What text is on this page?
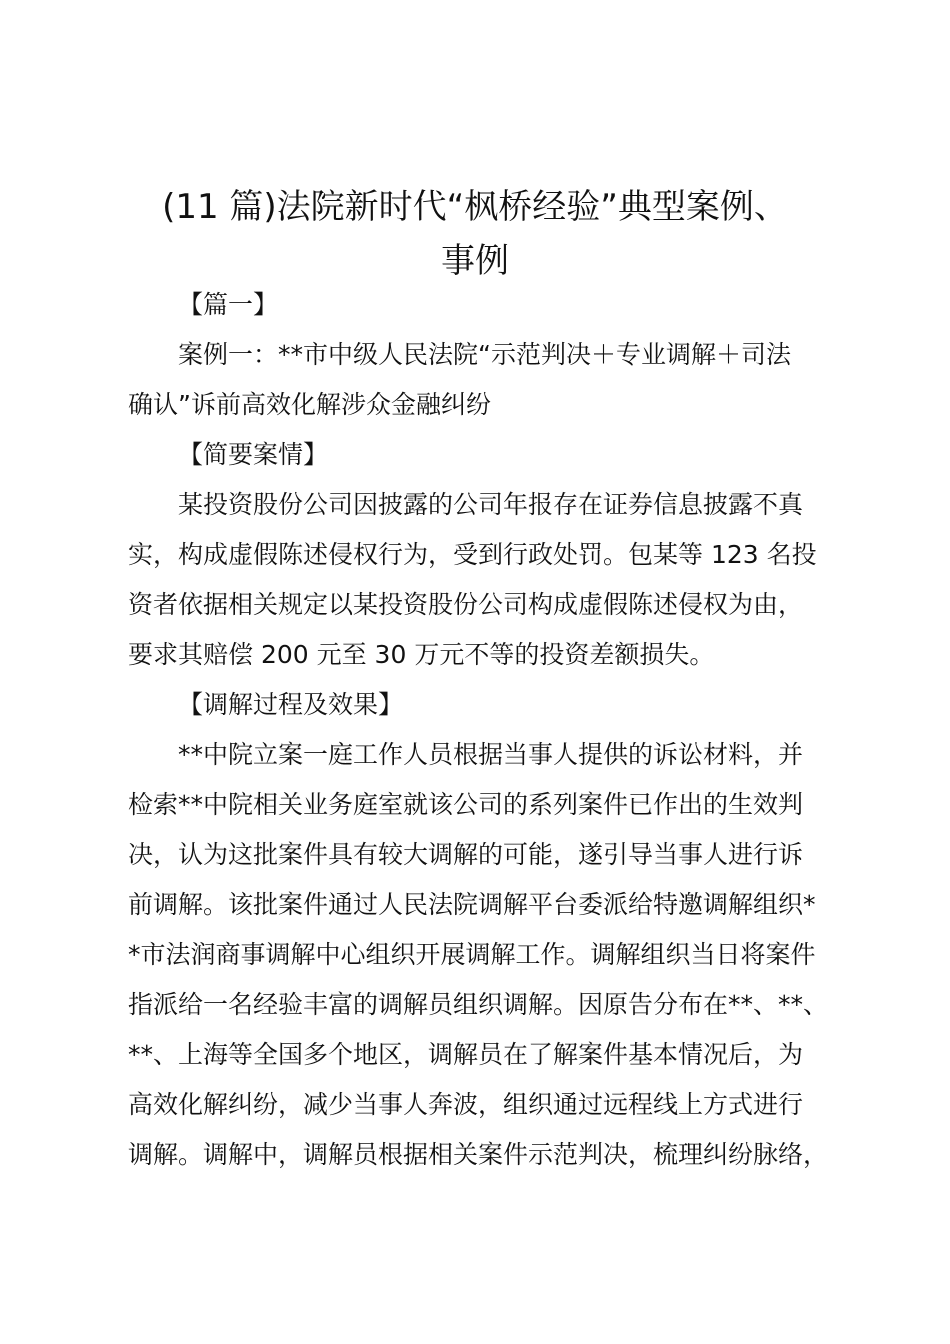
(11 篇)法院新时代“枫桥经验”典型案例、
事例
【篇一】
案例一：**市中级人民法院“示范判决＋专业调解＋司法
确认”诉前高效化解涉众金融纠纷
【简要案情】
某投资股份公司因披露的公司年报存在证券信息披露不真
实，构成虚假陈述侵权行为，受到行政处罚。包某等 123 名投
资者依据相关规定以某投资股份公司构成虚假陈述侵权为由，
要求其赔偿 200 元至 30 万元不等的投资差额损失。
【调解过程及效果】
**中院立案一庭工作人员根据当事人提供的诉讼材料，并
检索**中院相关业务庭室就该公司的系列案件已作出的生效判
决，认为这批案件具有较大调解的可能，遂引导当事人进行诉
前调解。该批案件通过人民法院调解平台委派给特邀调解组织*
*市法润商事调解中心组织开展调解工作。调解组织当日将案件
指派给一名经验丰富的调解员组织调解。因原告分布在**、**、
**、上海等全国多个地区，调解员在了解案件基本情况后，为
高效化解纠纷，减少当事人奔波，组织通过远程线上方式进行
调解。调解中，调解员根据相关案件示范判决，梳理纠纷脉络，
